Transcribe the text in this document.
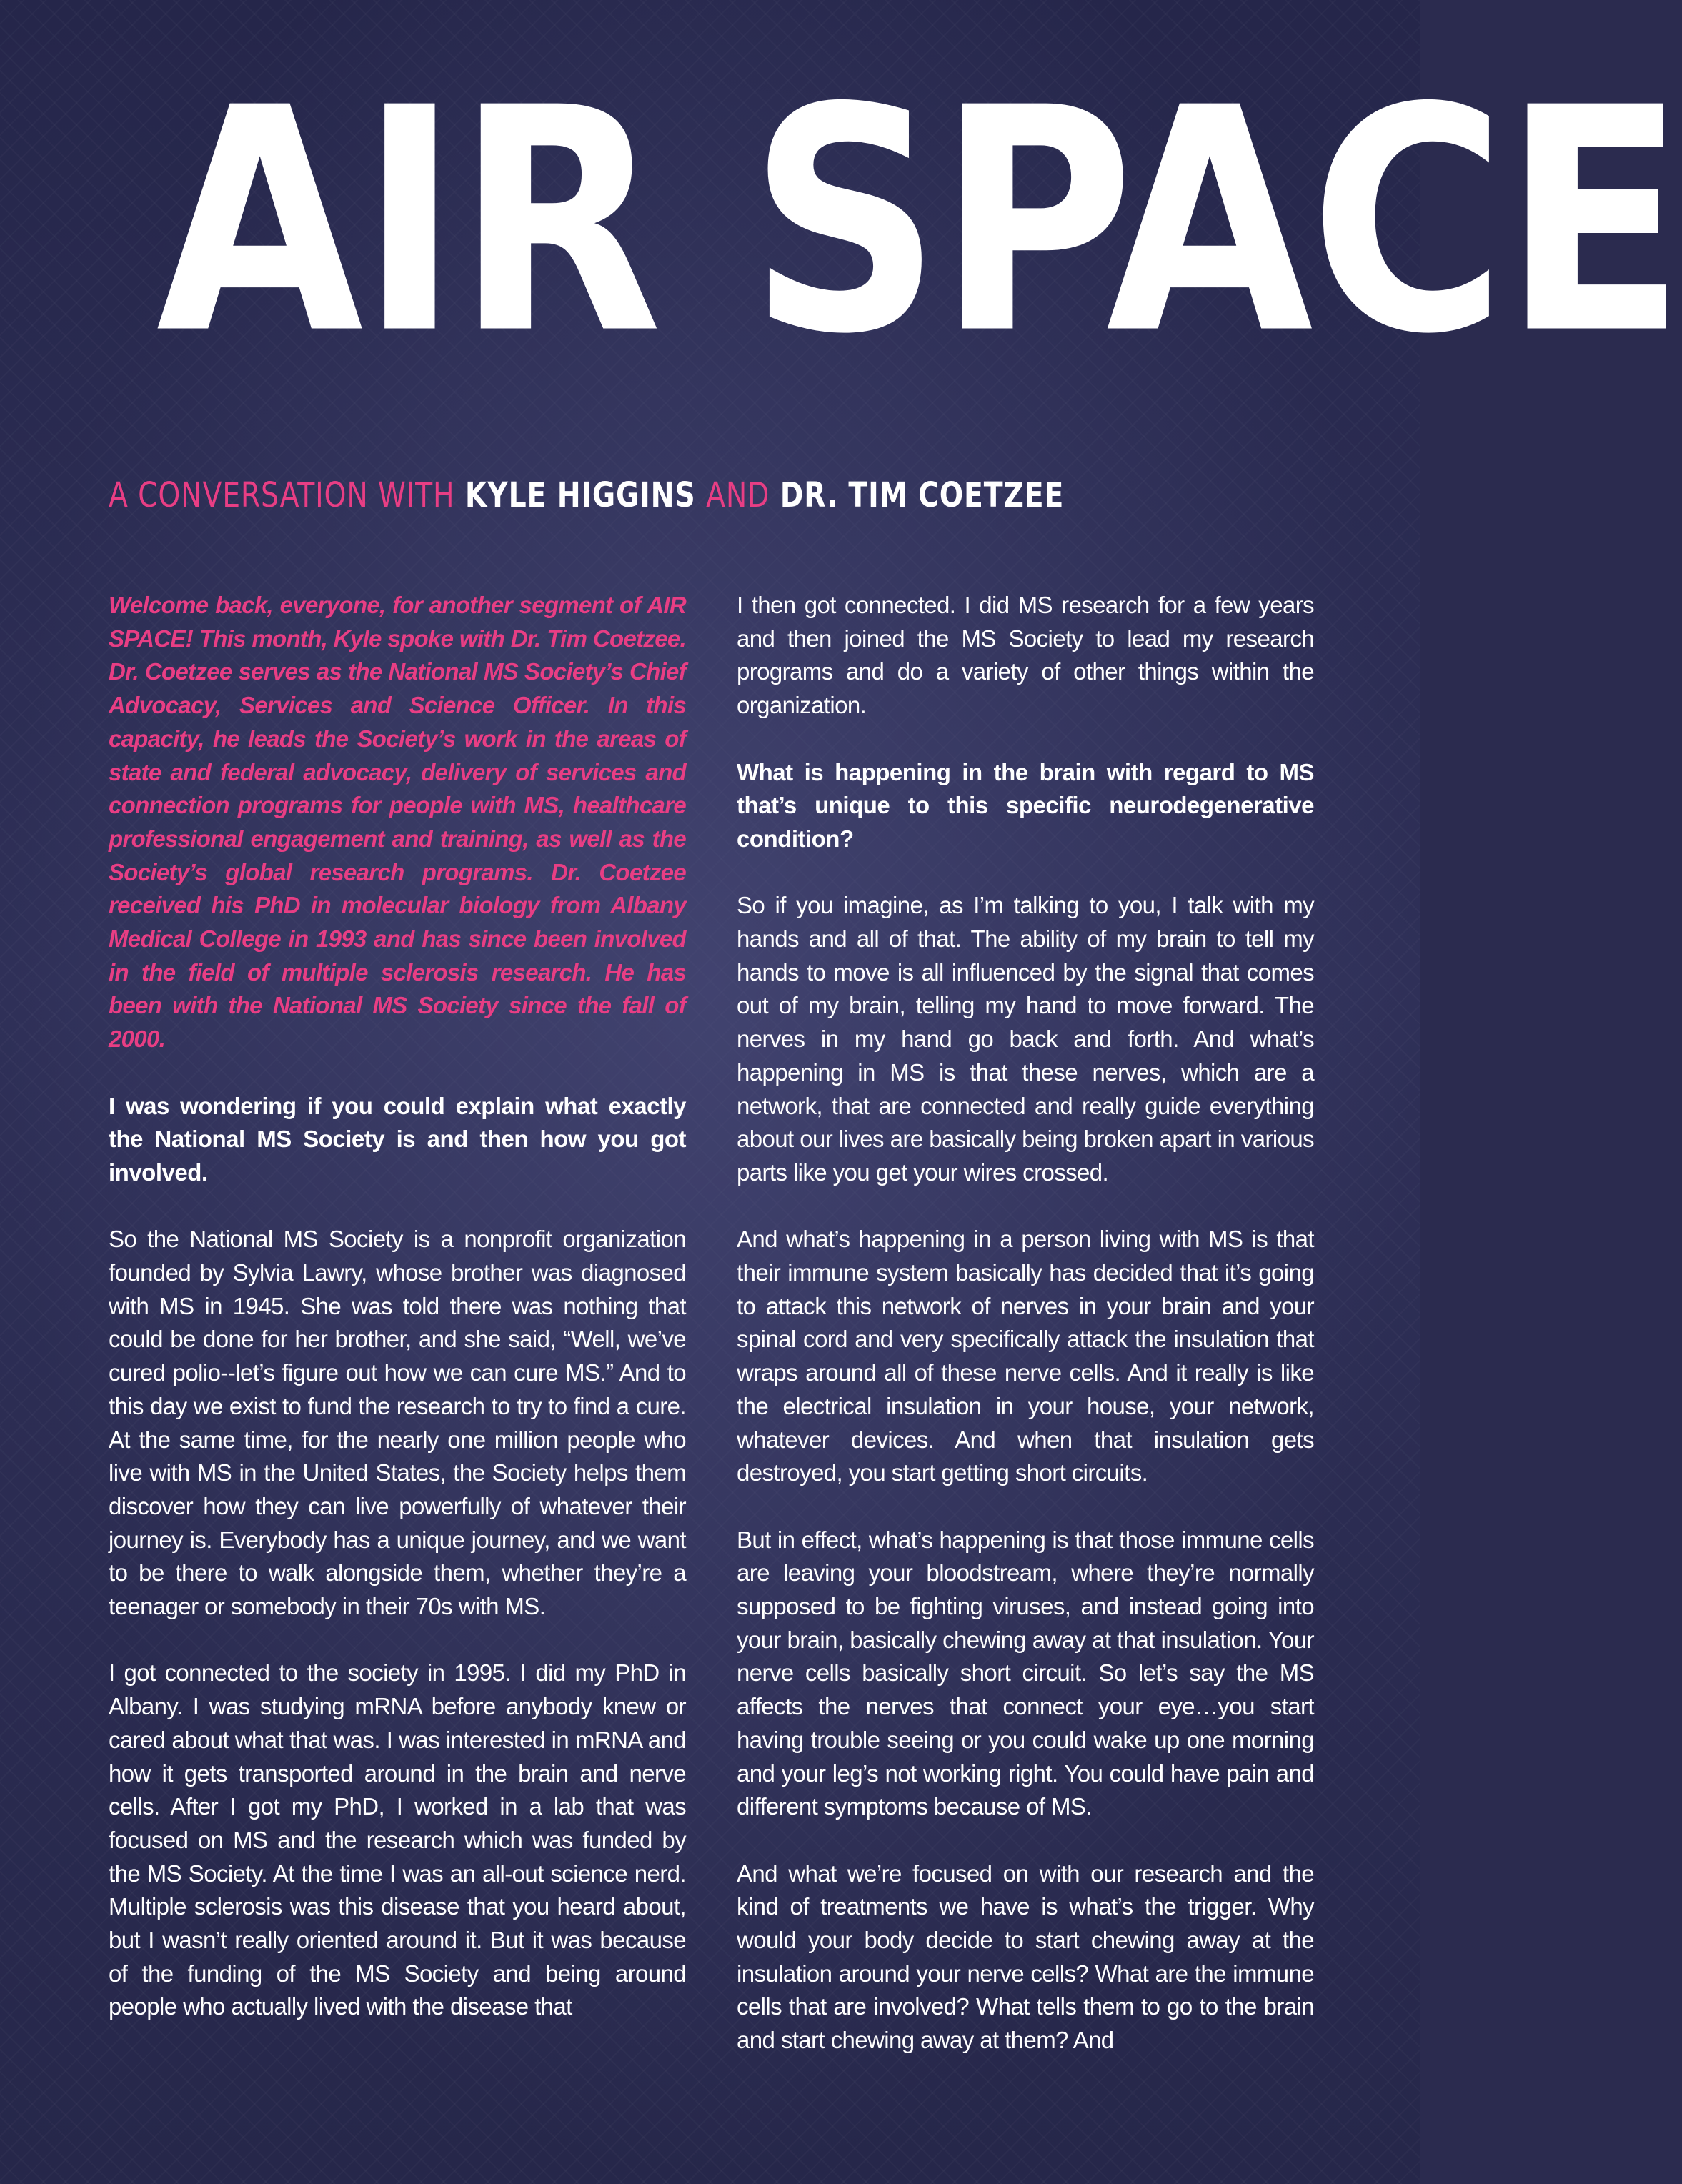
AIR SPACE
A CONVERSATION WITH KYLE HIGGINS AND DR. TIM COETZEE

Welcome back, everyone, for another segment of AIR SPACE! This month, Kyle spoke with Dr. Tim Coetzee. Dr. Coetzee serves as the National MS Society’s Chief Advocacy, Services and Science Officer. In this capacity, he leads the Society’s work in the areas of state and federal advocacy, delivery of services and connection programs for people with MS, healthcare professional engagement and training, as well as the Society’s global research programs. Dr. Coetzee received his PhD in molecular biology from Albany Medical College in 1993 and has since been involved in the field of multiple sclerosis research. He has been with the National MS Society since the fall of 2000.

I was wondering if you could explain what exactly the National MS Society is and then how you got involved.

So the National MS Society is a nonprofit organization founded by Sylvia Lawry, whose brother was diagnosed with MS in 1945. She was told there was nothing that could be done for her brother, and she said, “Well, we’ve cured polio--let’s figure out how we can cure MS.” And to this day we exist to fund the research to try to find a cure. At the same time, for the nearly one million people who live with MS in the United States, the Society helps them discover how they can live powerfully of whatever their journey is. Everybody has a unique journey, and we want to be there to walk alongside them, whether they’re a teenager or somebody in their 70s with MS.

I got connected to the society in 1995. I did my PhD in Albany. I was studying mRNA before anybody knew or cared about what that was. I was interested in mRNA and how it gets transported around in the brain and nerve cells. After I got my PhD, I worked in a lab that was focused on MS and the research which was funded by the MS Society. At the time I was an all-out science nerd. Multiple sclerosis was this disease that you heard about, but I wasn’t really oriented around it. But it was because of the funding of the MS Society and being around people who actually lived with the disease that

I then got connected. I did MS research for a few years and then joined the MS Society to lead my research programs and do a variety of other things within the organization.

What is happening in the brain with regard to MS that’s unique to this specific neurodegenerative condition?

So if you imagine, as I’m talking to you, I talk with my hands and all of that. The ability of my brain to tell my hands to move is all influenced by the signal that comes out of my brain, telling my hand to move forward. The nerves in my hand go back and forth. And what’s happening in MS is that these nerves, which are a network, that are connected and really guide everything about our lives are basically being broken apart in various parts like you get your wires crossed.

And what’s happening in a person living with MS is that their immune system basically has decided that it’s going to attack this network of nerves in your brain and your spinal cord and very specifically attack the insulation that wraps around all of these nerve cells. And it really is like the electrical insulation in your house, your network, whatever devices. And when that insulation gets destroyed, you start getting short circuits.

But in effect, what’s happening is that those immune cells are leaving your bloodstream, where they’re normally supposed to be fighting viruses, and instead going into your brain, basically chewing away at that insulation. Your nerve cells basically short circuit. So let’s say the MS affects the nerves that connect your eye…you start having trouble seeing or you could wake up one morning and your leg’s not working right. You could have pain and different symptoms because of MS.

And what we’re focused on with our research and the kind of treatments we have is what’s the trigger. Why would your body decide to start chewing away at the insulation around your nerve cells? What are the immune cells that are involved? What tells them to go to the brain and start chewing away at them? And
